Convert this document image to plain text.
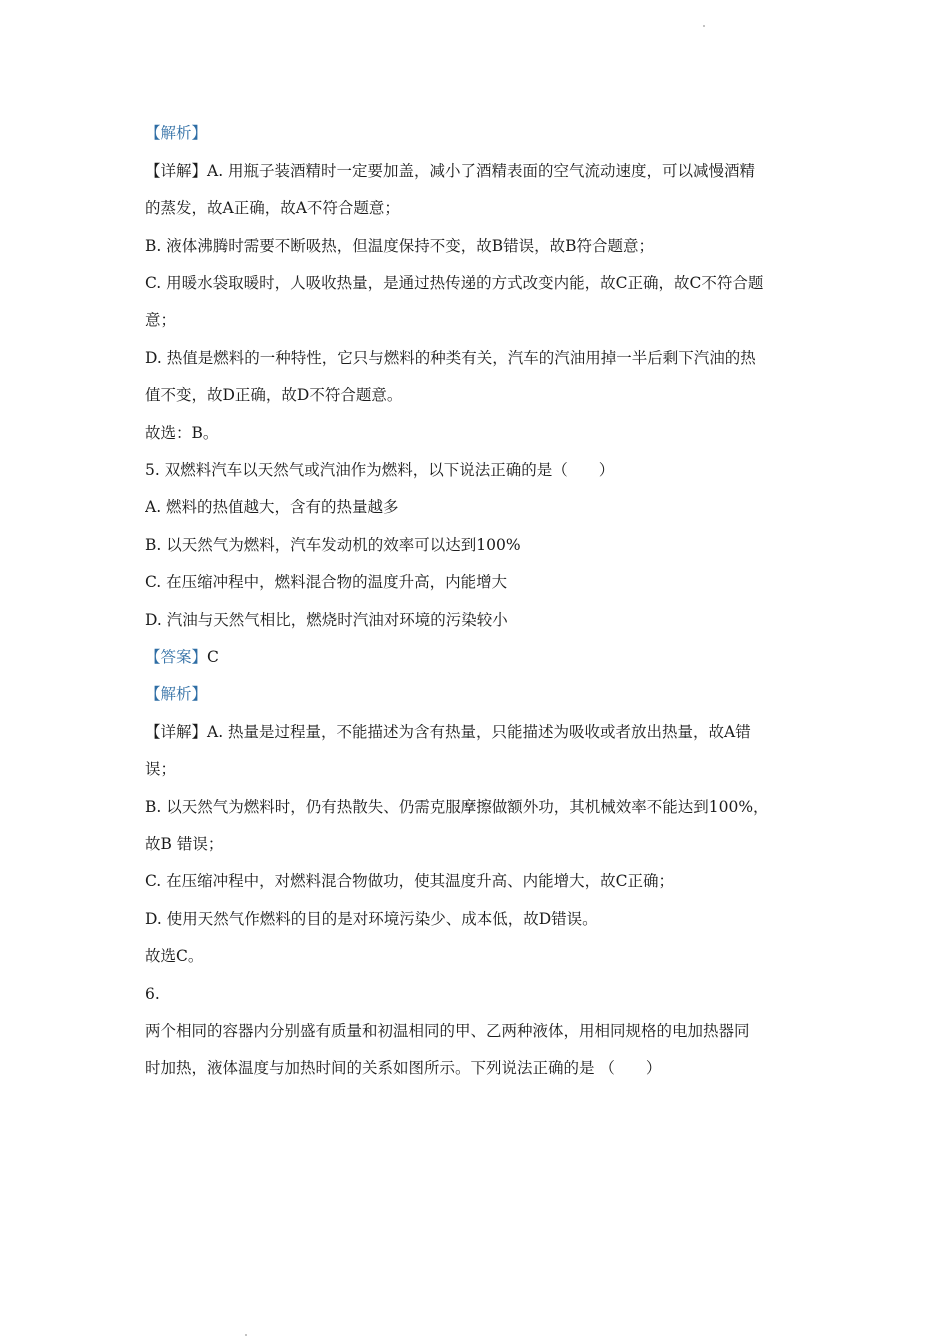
【解析】
【详解】A. 用瓶子装酒精时一定要加盖，减小了酒精表面的空气流动速度，可以减慢酒精
的蒸发，故A正确，故A不符合题意；
B. 液体沸腾时需要不断吸热，但温度保持不变，故B错误，故B符合题意；
C. 用暖水袋取暖时，人吸收热量，是通过热传递的方式改变内能，故C正确，故C不符合题
意；
D. 热值是燃料的一种特性，它只与燃料的种类有关，汽车的汽油用掉一半后剩下汽油的热
值不变，故D正确，故D不符合题意。
故选：B。
5. 双燃料汽车以天然气或汽油作为燃料，以下说法正确的是（　　）
A. 燃料的热值越大，含有的热量越多
B. 以天然气为燃料，汽车发动机的效率可以达到100%
C. 在压缩冲程中，燃料混合物的温度升高，内能增大
D. 汽油与天然气相比，燃烧时汽油对环境的污染较小
【答案】C
【解析】
【详解】A. 热量是过程量，不能描述为含有热量，只能描述为吸收或者放出热量，故A错
误；
B. 以天然气为燃料时，仍有热散失、仍需克服摩擦做额外功，其机械效率不能达到100%，
故B 错误；
C. 在压缩冲程中，对燃料混合物做功，使其温度升高、内能增大，故C正确；
D. 使用天然气作燃料的目的是对环境污染少、成本低，故D错误。
故选C。
6.
两个相同的容器内分别盛有质量和初温相同的甲、乙两种液体，用相同规格的电加热器同
时加热，液体温度与加热时间的关系如图所示。下列说法正确的是 （　　）
